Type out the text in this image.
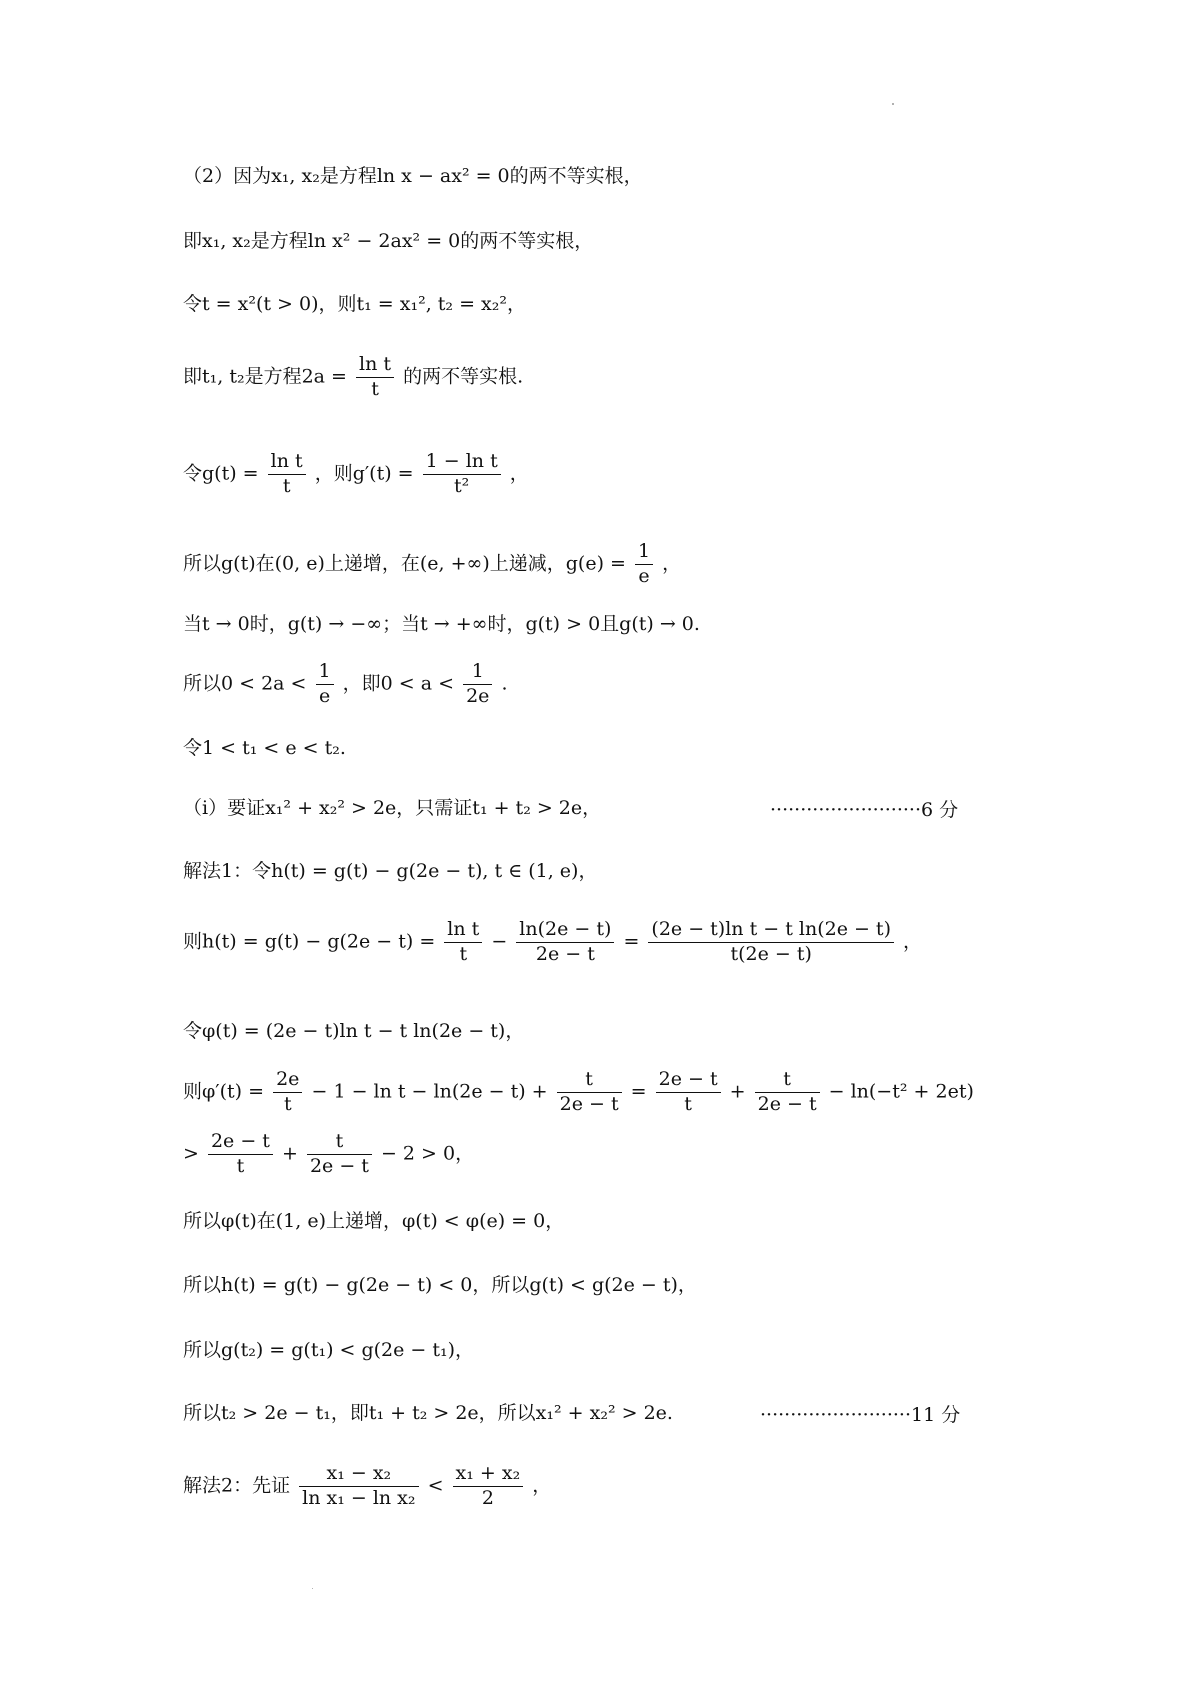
（2）因为x₁, x₂是方程ln x − ax² = 0的两不等实根，
即x₁, x₂是方程ln x² − 2ax² = 0的两不等实根，
令t = x²(t > 0)，则t₁ = x₁², t₂ = x₂²，
即t₁, t₂是方程$2a = \frac{\text{ln t}}{t}$ 的两不等实根.
令$g(t) = \frac{\text{ln t}}{t}$ ，则$g'(t) = \frac{\text{1 − ln t}}{\text{t²}}$ ，
所以g(t)在(0, e)上递增，在(e, +∞)上递减，$g(e) = \frac{1}{e}$ ，
当t → 0时，g(t) → −∞；当t → +∞时，g(t) > 0且g(t) → 0.
所以$0 < 2a < \frac{1}{e}$ ，即$0 < a < \frac{1}{2e}$ .
令1 < t₁ < e < t₂.
（ⅰ）要证x₁² + x₂² > 2e，只需证t₁ + t₂ > 2e，	·························6 分
解法1：令h(t) = g(t) − g(2e − t), t ∈ (1, e)，
则$h(t) = g(t) - g(2e - t) = \frac{\text{ln t}}{t} - \frac{\ln(2e - t)}{2e - t} = \frac{\text{(2e − t)ln t − t ln(2e − t)}}{t(2e - t)}$ ，
令φ(t) = (2e − t)ln t − t ln(2e − t)，
则$\varphi'(t) = \frac{2e}{t} - 1 - \ln t - \ln(2e - t) + \frac{t}{2e - t} = \frac{2e - t}{t} + \frac{t}{2e - t} - \ln(-t^2 + 2et)$
> $\frac{2e - t}{t} + \frac{t}{2e - t} - 2 > 0$，
所以φ(t)在(1, e)上递增，φ(t) < φ(e) = 0，
所以h(t) = g(t) − g(2e − t) < 0，所以g(t) < g(2e − t)，
所以g(t₂) = g(t₁) < g(2e − t₁)，
所以t₂ > 2e − t₁，即t₁ + t₂ > 2e，所以x₁² + x₂² > 2e.	·························11 分
解法2：先证 $\frac{\text{x₁ − x₂}}{\text{ln x₁ − ln x₂}} < \frac{\text{x₁ + x₂}}{2}$ ，
